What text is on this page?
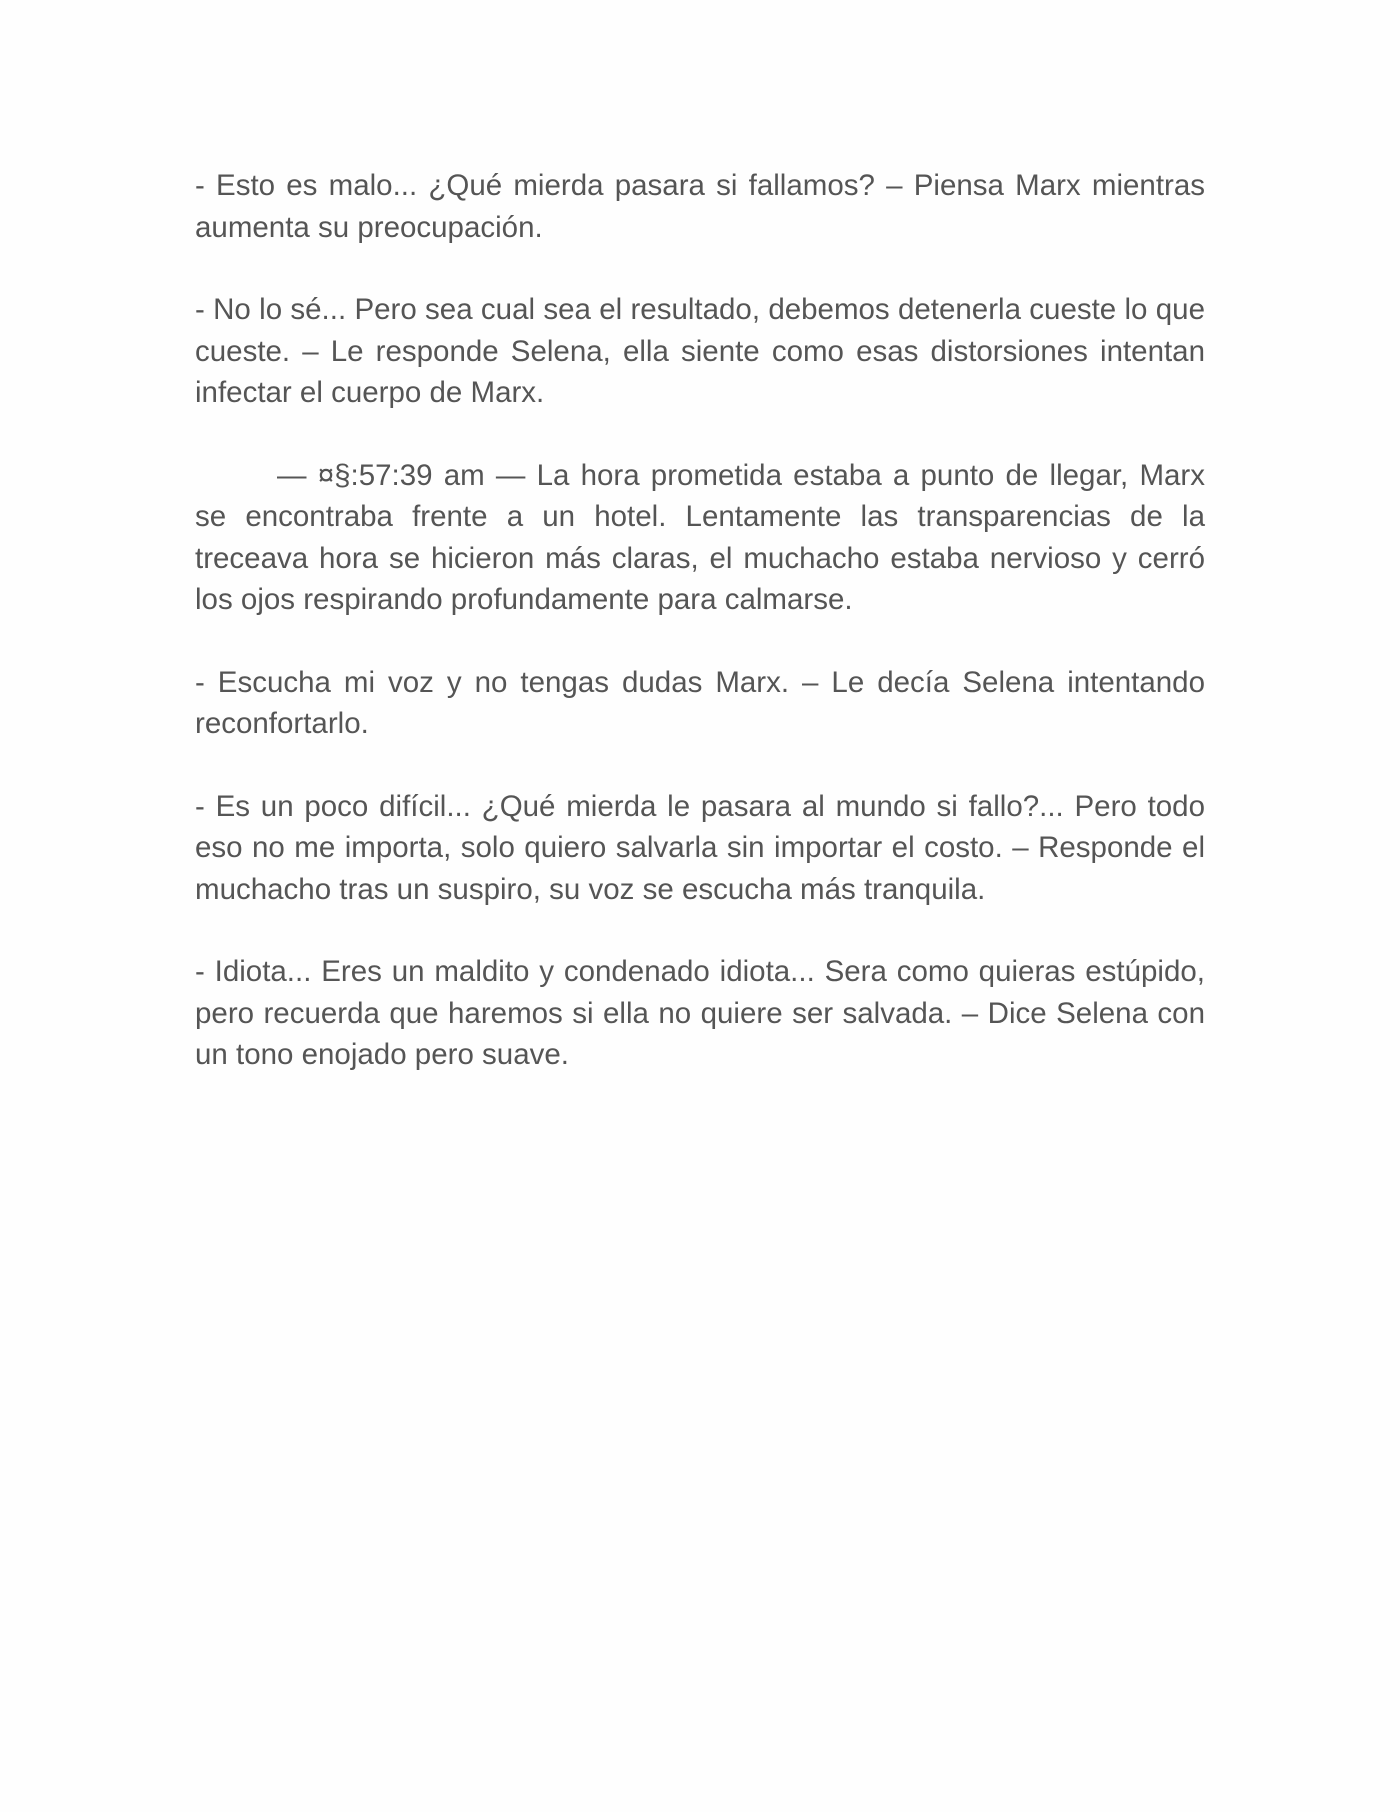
- Esto es malo... ¿Qué mierda pasara si fallamos? – Piensa Marx mientras aumenta su preocupación.

- No lo sé... Pero sea cual sea el resultado, debemos detenerla cueste lo que cueste. – Le responde Selena, ella siente como esas distorsiones intentan infectar el cuerpo de Marx.

— ¤§:57:39 am — La hora prometida estaba a punto de llegar, Marx se encontraba frente a un hotel. Lentamente las transparencias de la treceava hora se hicieron más claras, el muchacho estaba nervioso y cerró los ojos respirando profundamente para calmarse.

- Escucha mi voz y no tengas dudas Marx. – Le decía Selena intentando reconfortarlo.

- Es un poco difícil... ¿Qué mierda le pasara al mundo si fallo?... Pero todo eso no me importa, solo quiero salvarla sin importar el costo. – Responde el muchacho tras un suspiro, su voz se escucha más tranquila.

- Idiota... Eres un maldito y condenado idiota... Sera como quieras estúpido, pero recuerda que haremos si ella no quiere ser salvada. – Dice Selena con un tono enojado pero suave.
